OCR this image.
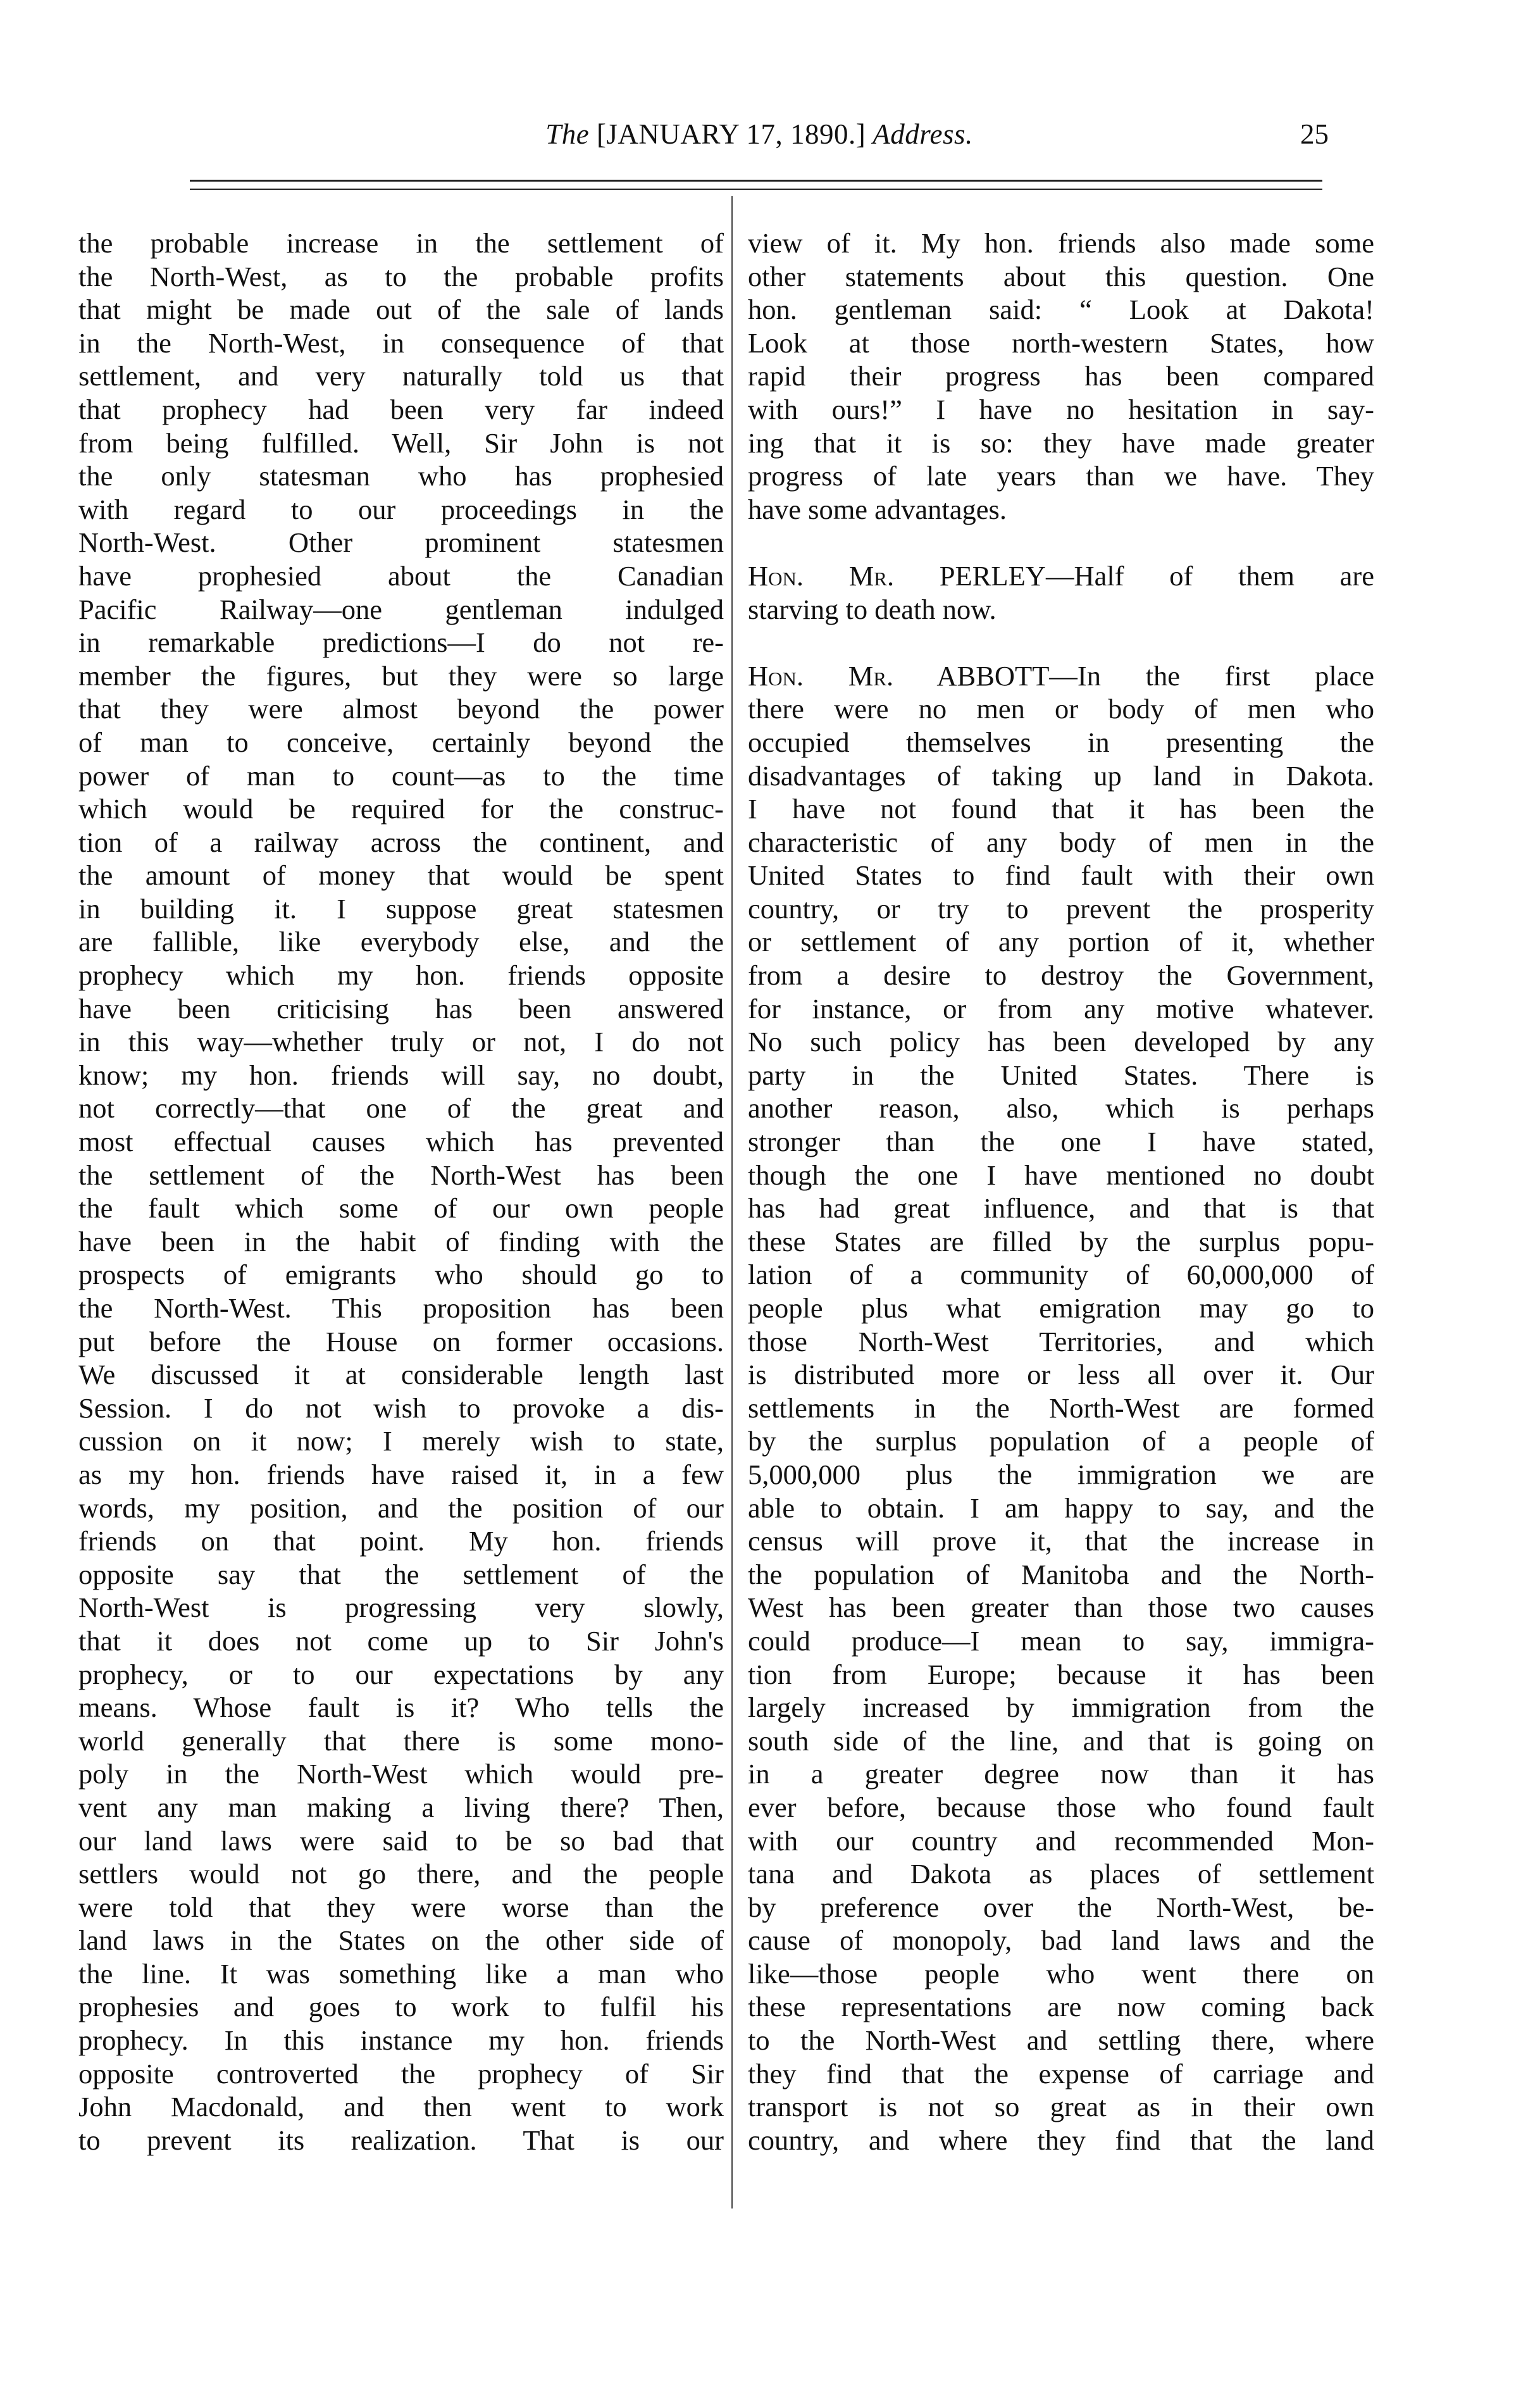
The [JANUARY 17, 1890.] Address.	25
the probable increase in the settlement of
the North-West, as to the probable profits
that might be made out of the sale of lands
in the North-West, in consequence of that
settlement, and very naturally told us that
that prophecy had been very far indeed
from being fulfilled. Well, Sir John is not
the only statesman who has prophesied
with regard to our proceedings in the
North-West. Other prominent statesmen
have prophesied about the Canadian
Pacific Railway—one gentleman indulged
in remarkable predictions—I do not re-
member the figures, but they were so large
that they were almost beyond the power
of man to conceive, certainly beyond the
power of man to count—as to the time
which would be required for the construc-
tion of a railway across the continent, and
the amount of money that would be spent
in building it. I suppose great statesmen
are fallible, like everybody else, and the
prophecy which my hon. friends opposite
have been criticising has been answered
in this way—whether truly or not, I do not
know; my hon. friends will say, no doubt,
not correctly—that one of the great and
most effectual causes which has prevented
the settlement of the North-West has been
the fault which some of our own people
have been in the habit of finding with the
prospects of emigrants who should go to
the North-West. This proposition has been
put before the House on former occasions.
We discussed it at considerable length last
Session. I do not wish to provoke a dis-
cussion on it now; I merely wish to state,
as my hon. friends have raised it, in a few
words, my position, and the position of our
friends on that point. My hon. friends
opposite say that the settlement of the
North-West is progressing very slowly,
that it does not come up to Sir John's
prophecy, or to our expectations by any
means. Whose fault is it? Who tells the
world generally that there is some mono-
poly in the North-West which would pre-
vent any man making a living there? Then,
our land laws were said to be so bad that
settlers would not go there, and the people
were told that they were worse than the
land laws in the States on the other side of
the line. It was something like a man who
prophesies and goes to work to fulfil his
prophecy. In this instance my hon. friends
opposite controverted the prophecy of Sir
John Macdonald, and then went to work
to prevent its realization. That is our
view of it. My hon. friends also made some
other statements about this question. One
hon. gentleman said: “ Look at Dakota!
Look at those north-western States, how
rapid their progress has been compared
with ours!” I have no hesitation in say-
ing that it is so: they have made greater
progress of late years than we have. They
have some advantages.
Hon. Mr. PERLEY—Half of them are
starving to death now.
Hon. Mr. ABBOTT—In the first place
there were no men or body of men who
occupied themselves in presenting the
disadvantages of taking up land in Dakota.
I have not found that it has been the
characteristic of any body of men in the
United States to find fault with their own
country, or try to prevent the prosperity
or settlement of any portion of it, whether
from a desire to destroy the Government,
for instance, or from any motive whatever.
No such policy has been developed by any
party in the United States. There is
another reason, also, which is perhaps
stronger than the one I have stated,
though the one I have mentioned no doubt
has had great influence, and that is that
these States are filled by the surplus popu-
lation of a community of 60,000,000 of
people plus what emigration may go to
those North-West Territories, and which
is distributed more or less all over it. Our
settlements in the North-West are formed
by the surplus population of a people of
5,000,000 plus the immigration we are
able to obtain. I am happy to say, and the
census will prove it, that the increase in
the population of Manitoba and the North-
West has been greater than those two causes
could produce—I mean to say, immigra-
tion from Europe; because it has been
largely increased by immigration from the
south side of the line, and that is going on
in a greater degree now than it has
ever before, because those who found fault
with our country and recommended Mon-
tana and Dakota as places of settlement
by preference over the North-West, be-
cause of monopoly, bad land laws and the
like—those people who went there on
these representations are now coming back
to the North-West and settling there, where
they find that the expense of carriage and
transport is not so great as in their own
country, and where they find that the land
